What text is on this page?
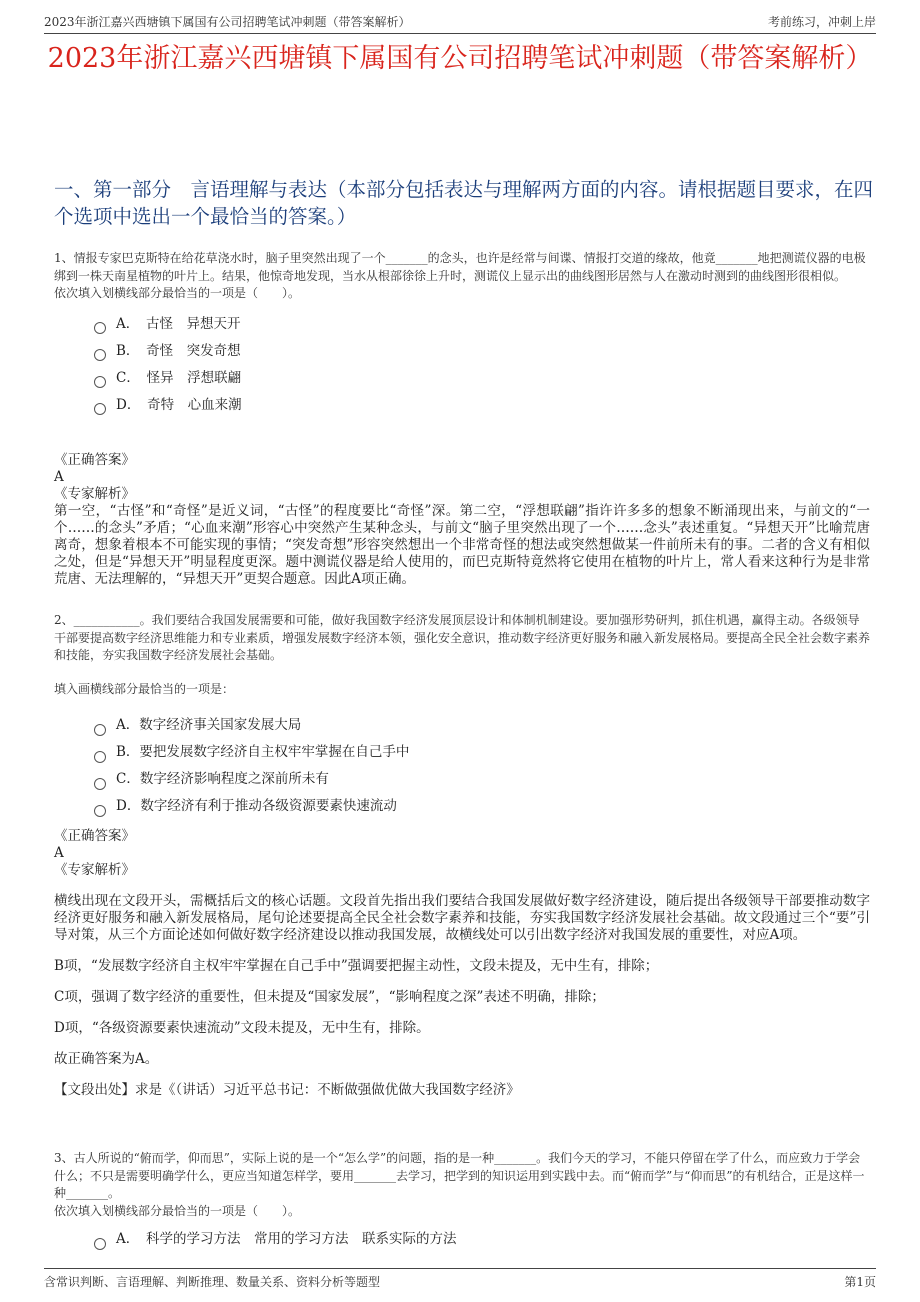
2023年浙江嘉兴西塘镇下属国有公司招聘笔试冲刺题（带答案解析）	考前练习，冲刺上岸
2023年浙江嘉兴西塘镇下属国有公司招聘笔试冲刺题（带答案解析）
一、第一部分　言语理解与表达（本部分包括表达与理解两方面的内容。请根据题目要求，在四个选项中选出一个最恰当的答案。）

1、情报专家巴克斯特在给花草浇水时，脑子里突然出现了一个_______的念头，也许是经常与间谍、情报打交道的缘故，他竟_______地把测谎仪器的电极绑到一株天南星植物的叶片上。结果，他惊奇地发现，当水从根部徐徐上升时，测谎仪上显示出的曲线图形居然与人在激动时测到的曲线图形很相似。

依次填入划横线部分最恰当的一项是（　　）。

A．　古怪　异想天开
B．　奇怪　突发奇想
C．　怪异　浮想联翩
D．　奇特　心血来潮

《正确答案》

A

《专家解析》

第一空，“古怪”和“奇怪”是近义词，“古怪”的程度要比“奇怪”深。第二空，“浮想联翩”指许许多多的想象不断涌现出来，与前文的“一个……的念头”矛盾；“心血来潮”形容心中突然产生某种念头，与前文“脑子里突然出现了一个……念头”表述重复。“异想天开”比喻荒唐离奇，想象着根本不可能实现的事情；“突发奇想”形容突然想出一个非常奇怪的想法或突然想做某一件前所未有的事。二者的含义有相似之处，但是“异想天开”明显程度更深。题中测谎仪器是给人使用的，而巴克斯特竟然将它使用在植物的叶片上，常人看来这种行为是非常荒唐、无法理解的，“异想天开”更契合题意。因此A项正确。

2、___________。我们要结合我国发展需要和可能，做好我国数字经济发展顶层设计和体制机制建设。要加强形势研判，抓住机遇，赢得主动。各级领导干部要提高数字经济思维能力和专业素质，增强发展数字经济本领，强化安全意识，推动数字经济更好服务和融入新发展格局。要提高全民全社会数字素养和技能，夯实我国数字经济发展社会基础。

填入画横线部分最恰当的一项是：

A．数字经济事关国家发展大局
B．要把发展数字经济自主权牢牢掌握在自己手中
C．数字经济影响程度之深前所未有
D．数字经济有利于推动各级资源要素快速流动

《正确答案》

A

《专家解析》

横线出现在文段开头，需概括后文的核心话题。文段首先指出我们要结合我国发展做好数字经济建设，随后提出各级领导干部要推动数字经济更好服务和融入新发展格局，尾句论述要提高全民全社会数字素养和技能，夯实我国数字经济发展社会基础。故文段通过三个“要”引导对策，从三个方面论述如何做好数字经济建设以推动我国发展，故横线处可以引出数字经济对我国发展的重要性，对应A项。

B项，“发展数字经济自主权牢牢掌握在自己手中”强调要把握主动性，文段未提及，无中生有，排除；

C项，强调了数字经济的重要性，但未提及“国家发展”，“影响程度之深”表述不明确，排除；

D项，“各级资源要素快速流动”文段未提及，无中生有，排除。

故正确答案为A。

【文段出处】求是《（讲话）习近平总书记：不断做强做优做大我国数字经济》

3、古人所说的“俯而学，仰而思”，实际上说的是一个“怎么学”的问题，指的是一种_______。我们今天的学习，不能只停留在学了什么，而应致力于学会什么；不只是需要明确学什么，更应当知道怎样学，要用_______去学习，把学到的知识运用到实践中去。而“俯而学”与“仰而思”的有机结合，正是这样一种_______。

依次填入划横线部分最恰当的一项是（　　）。

A．　科学的学习方法　常用的学习方法　联系实际的方法
含常识判断、言语理解、判断推理、数量关系、资料分析等题型	第1页
